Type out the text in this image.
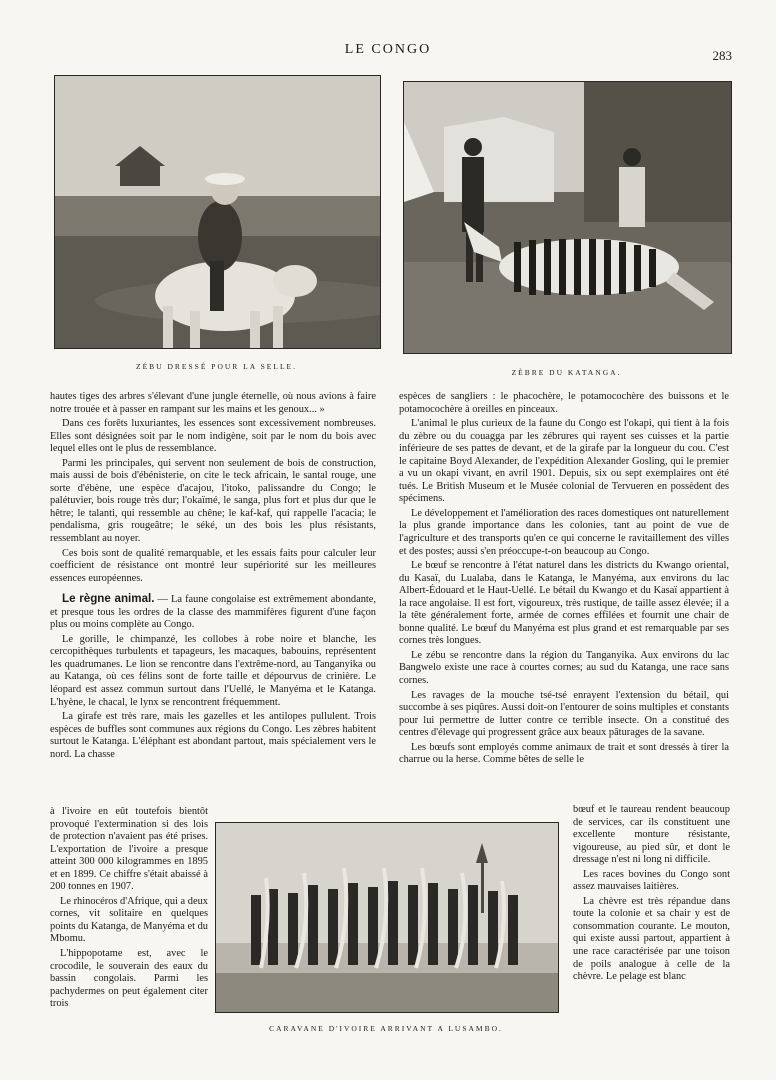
LE CONGO	283
ZÉBU DRESSÉ POUR LA SELLE.
ZÈBRE DU KATANGA.

hautes tiges des arbres s'élevant d'une jungle éternelle, où nous avions à faire notre trouée et à passer en rampant sur les mains et les genoux... »

Dans ces forêts luxuriantes, les essences sont excessivement nombreuses. Elles sont désignées soit par le nom indigène, soit par le nom du bois avec lequel elles ont le plus de ressemblance.

Parmi les principales, qui servent non seulement de bois de construction, mais aussi de bois d'ébénisterie, on cite le teck africain, le santal rouge, une sorte d'ébène, une espèce d'acajou, l'itoko, palissandre du Congo; le palétuvier, bois rouge très dur; l'okaïmé, le sanga, plus fort et plus dur que le hêtre; le talanti, qui ressemble au chêne; le kaf-kaf, qui rappelle l'acacia; le pendalisma, gris rougeâtre; le séké, un des bois les plus résistants, ressemblant au noyer.

Ces bois sont de qualité remarquable, et les essais faits pour calculer leur coefficient de résistance ont montré leur supériorité sur les meilleures essences européennes.

Le règne animal. — La faune congolaise est extrêmement abondante, et presque tous les ordres de la classe des mammifères figurent d'une façon plus ou moins complète au Congo.

Le gorille, le chimpanzé, les collobes à robe noire et blanche, les cercopithèques turbulents et tapageurs, les macaques, babouins, représentent les quadrumanes. Le lion se rencontre dans l'extrême-nord, au Tanganyika ou au Katanga, où ces félins sont de forte taille et dépourvus de crinière. Le léopard est assez commun surtout dans l'Uellé, le Manyéma et le Katanga. L'hyène, le chacal, le lynx se rencontrent fréquemment.

La girafe est très rare, mais les gazelles et les antilopes pullulent. Trois espèces de buffles sont communes aux régions du Congo. Les zèbres habitent surtout le Katanga. L'éléphant est abondant partout, mais spécialement vers le nord. La chasse

à l'ivoire en eût toutefois bientôt provoqué l'extermination si des lois de protection n'avaient pas été prises. L'exportation de l'ivoire a presque atteint 300 000 kilogrammes en 1895 et en 1899. Ce chiffre s'était abaissé à 200 tonnes en 1907.

Le rhinocéros d'Afrique, qui a deux cornes, vit solitaire en quelques points du Katanga, de Manyéma et du Mbomu.

L'hippopotame est, avec le crocodile, le souverain des eaux du bassin congolais. Parmi les pachydermes on peut également citer trois

espèces de sangliers : le phacochère, le potamocochère des buissons et le potamocochère à oreilles en pinceaux.

L'animal le plus curieux de la faune du Congo est l'okapi, qui tient à la fois du zèbre ou du couagga par les zébrures qui rayent ses cuisses et la partie inférieure de ses pattes de devant, et de la girafe par la longueur du cou. C'est le capitaine Boyd Alexander, de l'expédition Alexander Gosling, qui le premier a vu un okapi vivant, en avril 1901. Depuis, six ou sept exemplaires ont été tués. Le British Museum et le Musée colonial de Tervueren en possèdent des spécimens.

Le développement et l'amélioration des races domestiques ont naturellement la plus grande importance dans les colonies, tant au point de vue de l'agriculture et des transports qu'en ce qui concerne le ravitaillement des villes et des postes; aussi s'en préoccupe-t-on beaucoup au Congo.

Le bœuf se rencontre à l'état naturel dans les districts du Kwango oriental, du Kasaï, du Lualaba, dans le Katanga, le Manyéma, aux environs du lac Albert-Édouard et le Haut-Uellé. Le bétail du Kwango et du Kasaï appartient à la race angolaise. Il est fort, vigoureux, très rustique, de taille assez élevée; il a la tête généralement forte, armée de cornes effilées et fournit une chair de bonne qualité. Le bœuf du Manyéma est plus grand et est remarquable par ses cornes très longues.

Le zébu se rencontre dans la région du Tanganyika. Aux environs du lac Bangwelo existe une race à courtes cornes; au sud du Katanga, une race sans cornes.

Les ravages de la mouche tsé-tsé enrayent l'extension du bétail, qui succombe à ses piqûres. Aussi doit-on l'entourer de soins multiples et constants pour lui permettre de lutter contre ce terrible insecte. On a constitué des centres d'élevage qui progressent grâce aux beaux pâturages de la savane.

Les bœufs sont employés comme animaux de trait et sont dressés à tirer la charrue ou la herse. Comme bêtes de selle le

bœuf et le taureau rendent beaucoup de services, car ils constituent une excellente monture résistante, vigoureuse, au pied sûr, et dont le dressage n'est ni long ni difficile.

Les races bovines du Congo sont assez mauvaises laitières.

La chèvre est très répandue dans toute la colonie et sa chair y est de consommation courante. Le mouton, qui existe aussi partout, appartient à une race caractérisée par une toison de poils analogue à celle de la chèvre. Le pelage est blanc

CARAVANE D'IVOIRE ARRIVANT A LUSAMBO.
